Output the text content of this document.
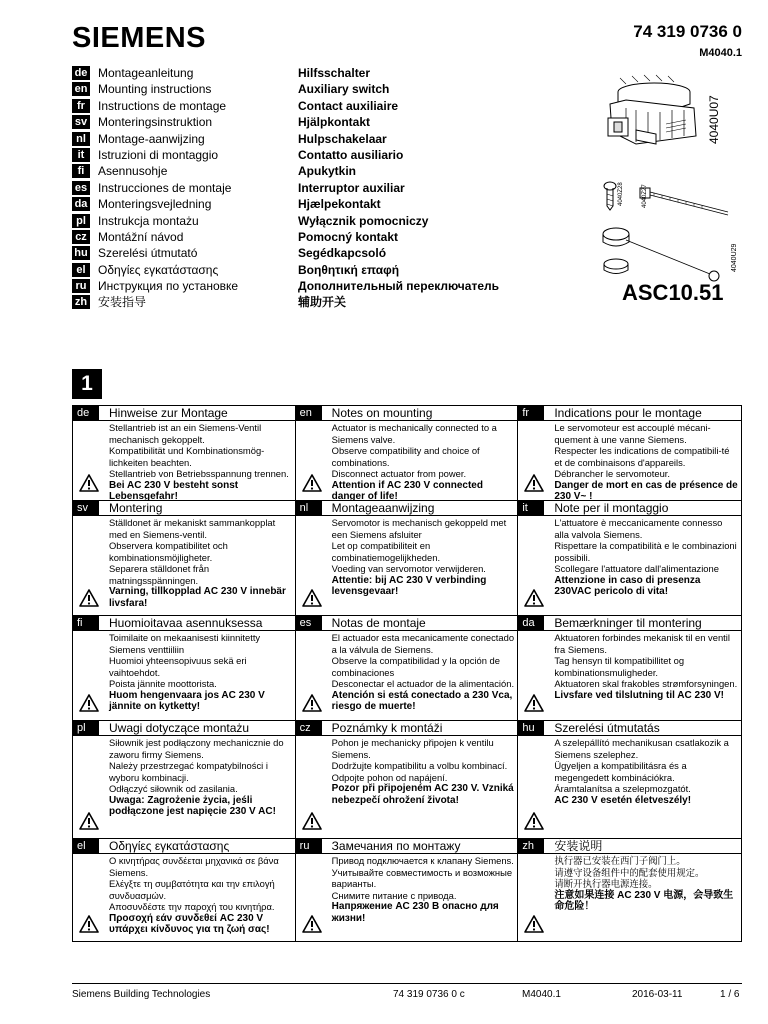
SIEMENS	74 319 0736 0
M4040.1
de Montageanleitung	Hilfsschalter
en Mounting instructions	Auxiliary switch
fr	Instructions de montage	Contact auxiliaire
sv Monteringsinstruktion	Hjälpkontakt
nl	Montage-aanwijzing	Hulpschakelaar
it	Istruzioni di montaggio	Contatto ausiliario
fi	Asennusohje	Apukytkin
es Instrucciones de montaje	Interruptor auxiliar
da Monteringsvejledning	Hjælpekontakt
pl	Instrukcja montażu	Wyłącznik pomocniczy
cz Montážní návod	Pomocný kontakt
hu Szerelési útmutató	Segédkapcsoló
el	Οδηγίες εγκατάστασης	Βοηθητική επαφή
ru Инструкция по установке	Дополнительный переключатель
zh 安装指导	辅助开关
4040U07
4040Z28	4040Z27
4040U29
ASC10.51
1
de	Hinweise zur Montage
Stellantrieb ist an ein Siemens-Ventil mechanisch gekoppelt.
Kompatibilität und Kombinationsmög-lichkeiten beachten.
Stellantrieb von Betriebsspannung trennen.
Bei AC 230 V besteht sonst Lebensgefahr!
en	Notes on mounting
Actuator is mechanically connected to a Siemens valve.
Observe compatibility and choice of combinations.
Disconnect actuator from power.
Attention if AC 230 V connected danger of life!
fr	Indications pour le montage
Le servomoteur est accouplé mécani-quement à une vanne Siemens.
Respecter les indications de compatibili-té et de combinaisons d'appareils.
Débrancher le servomoteur.
Danger de mort en cas de présence de 230 V~ !
sv	Montering
Ställdonet är mekaniskt sammankopplat med en Siemens-ventil.
Observera kompatibilitet och kombinationsmöjligheter.
Separera ställdonet från matningsspänningen.
Varning, tillkopplad AC 230 V innebär livsfara!
nl	Montageaanwijzing
Servomotor is mechanisch gekoppeld met een Siemens afsluiter
Let op compatibiliteit en combinatiemogelijkheden.
Voeding van servomotor verwijderen.
Attentie: bij AC 230 V verbinding levensgevaar!
it	Note per il montaggio
L'attuatore è meccanicamente connesso alla valvola Siemens.
Rispettare la compatibilità e le combinazioni possibili.
Scollegare l'attuatore dall'alimentazione
Attenzione in caso di presenza 230VAC pericolo di vita!
fi	Huomioitavaa asennuksessa
Toimilaite on mekaanisesti kiinnitetty Siemens venttiiliin
Huomioi yhteensopivuus sekä eri vaihtoehdot.
Poista jännite moottorista.
Huom hengenvaara jos AC 230 V jännite on kytketty!
es	Notas de montaje
El actuador esta mecanicamente conectado a la válvula de Siemens.
Observe la compatibilidad y la opción de combinaciones
Desconectar el actuador de la alimentación.
Atención si está conectado a 230 Vca, riesgo de muerte!
da	Bemærkninger til montering
Aktuatoren forbindes mekanisk til en ventil fra Siemens.
Tag hensyn til kompatibillitet og kombinationsmuligheder.
Aktuatoren skal frakobles strømforsyningen.
Livsfare ved tilslutning til AC 230 V!
pl	Uwagi dotyczące montażu
Siłownik jest podłączony mechanicznie do zaworu firmy Siemens.
Należy przestrzegać kompatybilności i wyboru kombinacji.
Odłączyć siłownik od zasilania.
Uwaga: Zagrożenie życia, jeśli podłączone jest napięcie 230 V AC!
cz	Poznámky k montáži
Pohon je mechanicky připojen k ventilu Siemens.
Dodržujte kompatibilitu a volbu kombinací.
Odpojte pohon od napájení.
Pozor při připojeném AC 230 V. Vzniká nebezpečí ohrožení života!
hu	Szerelési útmutatás
A szelepállító mechanikusan csatlakozik a Siemens szelephez.
Ügyeljen a kompatibilitásra és a megengedett kombinációkra.
Áramtalanítsa a szelepmozgatót.
AC 230 V esetén életveszély!
el	Οδηγίες εγκατάστασης
Ο κινητήρας συνδέεται μηχανικά σε βάνα Siemens.
Ελέγξτε τη συμβατότητα και την επιλογή συνδυασμών.
Αποσυνδέστε την παροχή του κινητήρα.
Προσοχή εάν συνδεθεί AC 230 V υπάρχει κίνδυνος για τη ζωή σας!
ru	Замечания по монтажу
Привод подключается к клапану Siemens.
Учитывайте совместимость и возможные варианты.
Снимите питание с привода.
Напряжение AC 230 В опасно для жизни!
zh	安装说明
执行器已安装在西门子阀门上。
请遵守设备组件中的配套使用规定。
请断开执行器电源连接。
注意如果连接 AC 230 V 电源，会导致生命危险！
Siemens Building Technologies	74 319 0736 0 c	M4040.1	2016-03-11	1 / 6
